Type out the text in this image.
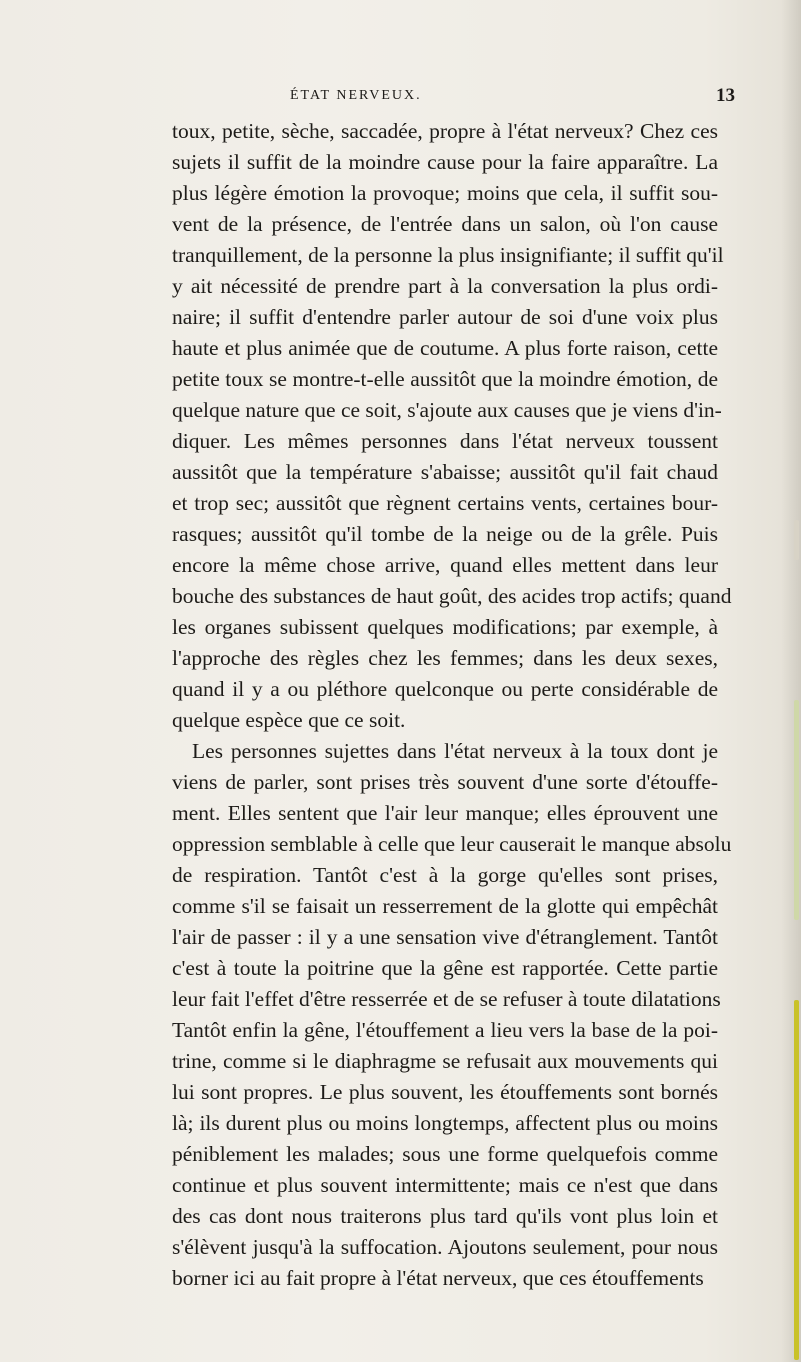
ÉTAT NERVEUX.	13
toux, petite, sèche, saccadée, propre à l'état nerveux? Chez ces
sujets il suffit de la moindre cause pour la faire apparaître. La
plus légère émotion la provoque; moins que cela, il suffit sou-
vent de la présence, de l'entrée dans un salon, où l'on cause
tranquillement, de la personne la plus insignifiante; il suffit qu'il
y ait nécessité de prendre part à la conversation la plus ordi-
naire; il suffit d'entendre parler autour de soi d'une voix plus
haute et plus animée que de coutume. A plus forte raison, cette
petite toux se montre-t-elle aussitôt que la moindre émotion, de
quelque nature que ce soit, s'ajoute aux causes que je viens d'in-
diquer. Les mêmes personnes dans l'état nerveux toussent
aussitôt que la température s'abaisse; aussitôt qu'il fait chaud
et trop sec; aussitôt que règnent certains vents, certaines bour-
rasques; aussitôt qu'il tombe de la neige ou de la grêle. Puis
encore la même chose arrive, quand elles mettent dans leur
bouche des substances de haut goût, des acides trop actifs; quand
les organes subissent quelques modifications; par exemple, à
l'approche des règles chez les femmes; dans les deux sexes,
quand il y a ou pléthore quelconque ou perte considérable de
quelque espèce que ce soit.
Les personnes sujettes dans l'état nerveux à la toux dont je
viens de parler, sont prises très souvent d'une sorte d'étouffe-
ment. Elles sentent que l'air leur manque; elles éprouvent une
oppression semblable à celle que leur causerait le manque absolu
de respiration. Tantôt c'est à la gorge qu'elles sont prises,
comme s'il se faisait un resserrement de la glotte qui empêchât
l'air de passer : il y a une sensation vive d'étranglement. Tantôt
c'est à toute la poitrine que la gêne est rapportée. Cette partie
leur fait l'effet d'être resserrée et de se refuser à toute dilatations
Tantôt enfin la gêne, l'étouffement a lieu vers la base de la poi-
trine, comme si le diaphragme se refusait aux mouvements qui
lui sont propres. Le plus souvent, les étouffements sont bornés
là; ils durent plus ou moins longtemps, affectent plus ou moins
péniblement les malades; sous une forme quelquefois comme
continue et plus souvent intermittente; mais ce n'est que dans
des cas dont nous traiterons plus tard qu'ils vont plus loin et
s'élèvent jusqu'à la suffocation. Ajoutons seulement, pour nous
borner ici au fait propre à l'état nerveux, que ces étouffements
